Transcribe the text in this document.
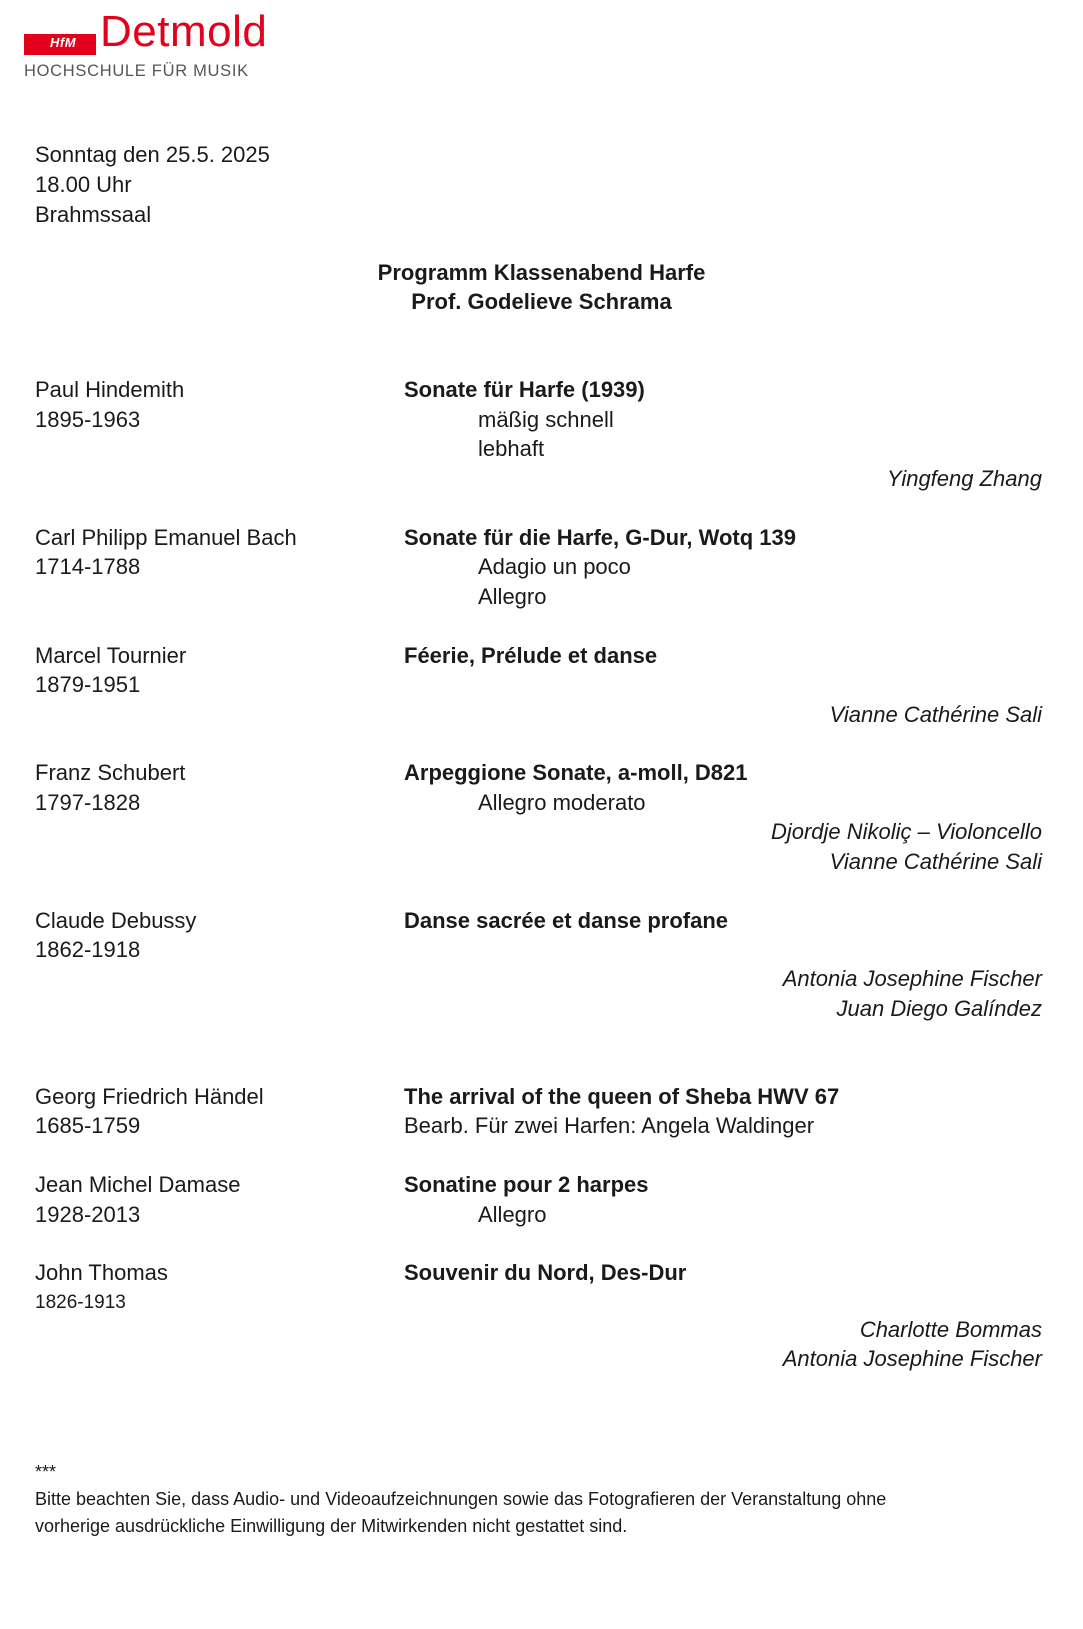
HfM Detmold
HOCHSCHULE FÜR MUSIK
Sonntag den 25.5. 2025
18.00 Uhr
Brahmssaal
Programm Klassenabend Harfe
Prof. Godelieve Schrama
Paul Hindemith
1895-1963
Sonate für Harfe (1939)
mäßig schnell
lebhaft
Yingfeng Zhang
Carl Philipp Emanuel Bach
1714-1788
Sonate für die Harfe, G-Dur, Wotq 139
Adagio un poco
Allegro
Marcel Tournier
1879-1951
Féerie, Prélude et danse
Vianne Cathérine Sali
Franz Schubert
1797-1828
Arpeggione Sonate, a-moll, D821
Allegro moderato
Djordje Nikoliç – Violoncello
Vianne Cathérine Sali
Claude Debussy
1862-1918
Danse sacrée et danse profane
Antonia Josephine Fischer
Juan Diego Galíndez
Georg Friedrich Händel
1685-1759
The arrival of the queen of Sheba HWV 67
Bearb. Für zwei Harfen: Angela Waldinger
Jean Michel Damase
1928-2013
Sonatine pour 2 harpes
Allegro
John Thomas
1826-1913
Souvenir du Nord, Des-Dur
Charlotte Bommas
Antonia Josephine Fischer
***
Bitte beachten Sie, dass Audio- und Videoaufzeichnungen sowie das Fotografieren der Veranstaltung ohne
vorherige ausdrückliche Einwilligung der Mitwirkenden nicht gestattet sind.
